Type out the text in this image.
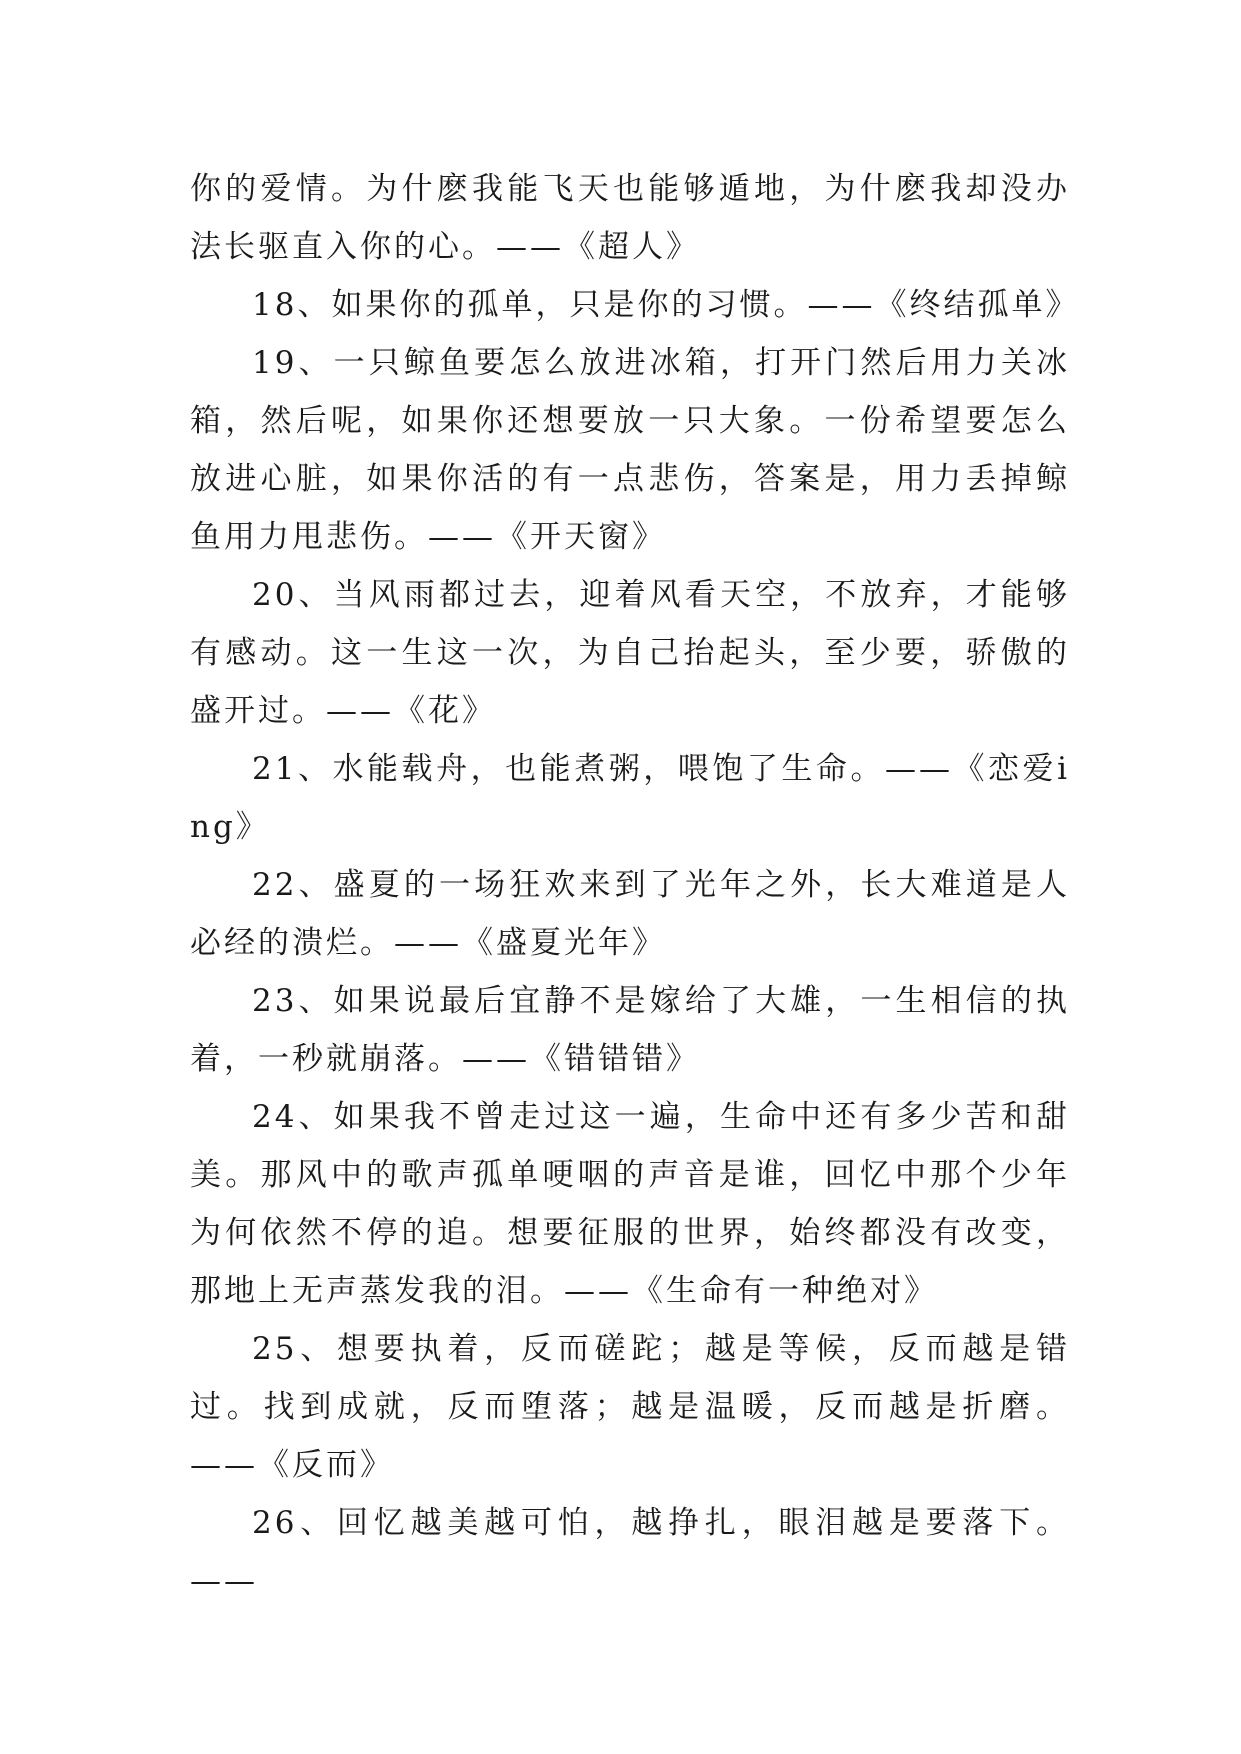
你的爱情。为什麽我能飞天也能够遁地，为什麽我却没办法长驱直入你的心。——《超人》

18、如果你的孤单，只是你的习惯。——《终结孤单》

19、一只鲸鱼要怎么放进冰箱，打开门然后用力关冰箱，然后呢，如果你还想要放一只大象。一份希望要怎么放进心脏，如果你活的有一点悲伤，答案是，用力丢掉鲸鱼用力甩悲伤。——《开天窗》

20、当风雨都过去，迎着风看天空，不放弃，才能够有感动。这一生这一次，为自己抬起头，至少要，骄傲的盛开过。——《花》

21、水能载舟，也能煮粥，喂饱了生命。——《恋爱ing》

22、盛夏的一场狂欢来到了光年之外，长大难道是人必经的溃烂。——《盛夏光年》

23、如果说最后宜静不是嫁给了大雄，一生相信的执着，一秒就崩落。——《错错错》

24、如果我不曾走过这一遍，生命中还有多少苦和甜美。那风中的歌声孤单哽咽的声音是谁，回忆中那个少年为何依然不停的追。想要征服的世界，始终都没有改变，那地上无声蒸发我的泪。——《生命有一种绝对》

25、想要执着，反而磋跎；越是等候，反而越是错过。找到成就，反而堕落；越是温暖，反而越是折磨。——《反而》

26、回忆越美越可怕，越挣扎，眼泪越是要落下。——
